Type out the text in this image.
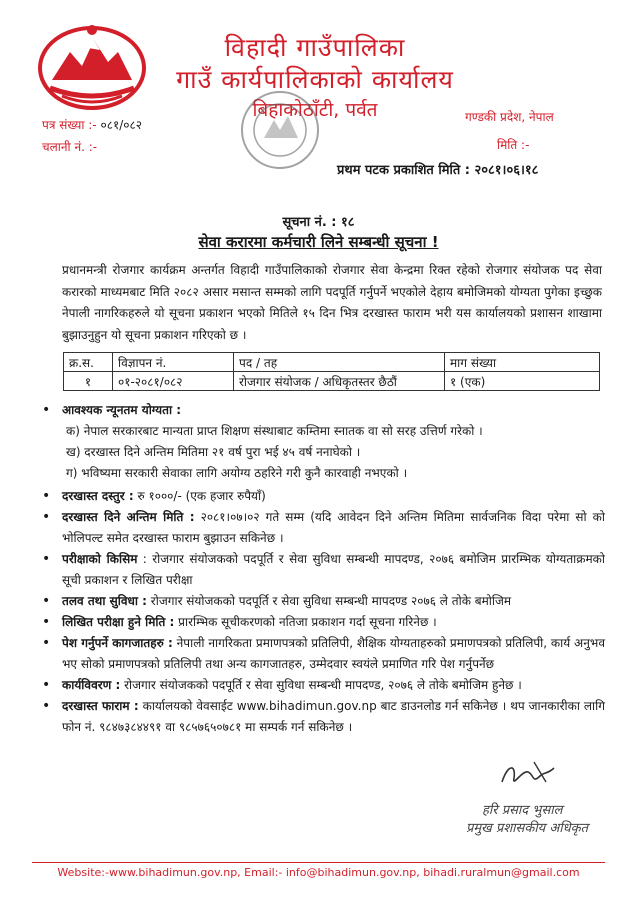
विहादी गाउँपालिका
गाउँ कार्यपालिकाको कार्यालय
बिहाकोठाँटी, पर्वत
पत्र संख्या :- ०८१/०८२
चलानी नं. :-
गण्डकी प्रदेश, नेपाल
मिति :-
प्रथम पटक प्रकाशित मिति : २०८१।०६।१८
सूचना नं. : १८
सेवा करारमा कर्मचारी लिने सम्बन्धी सूचना !
प्रधानमन्त्री रोजगार कार्यक्रम अन्तर्गत विहादी गाउँपालिकाको रोजगार सेवा केन्द्रमा रिक्त रहेको रोजगार संयोजक पद सेवा करारको माध्यमबाट मिति २०८२ असार मसान्त सम्मको लागि पदपूर्ति गर्नुपर्ने भएकोले देहाय बमोजिमको योग्यता पुगेका इच्छुक नेपाली नागरिकहरुले यो सूचना प्रकाशन भएको मितिले १५ दिन भित्र दरखास्त फाराम भरी यस कार्यालयको प्रशासन शाखामा बुझाउनुहुन यो सूचना प्रकाशन गरिएको छ ।
क्र.स.	विज्ञापन नं.	पद / तह	माग संख्या
१	०१-२०८१/०८२	रोजगार संयोजक / अधिकृतस्तर छैठौं	१ (एक)
• आवश्यक न्यूनतम योग्यता :
क) नेपाल सरकारबाट मान्यता प्राप्त शिक्षण संस्थाबाट कम्तिमा स्नातक वा सो सरह उत्तिर्ण गरेको ।
ख) दरखास्त दिने अन्तिम मितिमा २१ वर्ष पुरा भई ४५ वर्ष ननाघेको ।
ग) भविष्यमा सरकारी सेवाका लागि अयोग्य ठहरिने गरी कुनै कारवाही नभएको ।
• दरखास्त दस्तुर : रु १०००/- (एक हजार रुपैयाँ)
• दरखास्त दिने अन्तिम मिति : २०८१।०७।०२ गते सम्म (यदि आवेदन दिने अन्तिम मितिमा सार्वजनिक विदा परेमा सो को भोलिपल्ट समेत दरखास्त फाराम बुझाउन सकिनेछ ।
• परीक्षाको किसिम : रोजगार संयोजकको पदपूर्ति र सेवा सुविधा सम्बन्धी मापदण्ड, २०७६ बमोजिम प्रारम्भिक योग्यताक्रमको सूची प्रकाशन र लिखित परीक्षा
• तलव तथा सुविधा : रोजगार संयोजकको पदपूर्ति र सेवा सुविधा सम्बन्धी मापदण्ड २०७६ ले तोके बमोजिम
• लिखित परीक्षा हुने मिति : प्रारम्भिक सूचीकरणको नतिजा प्रकाशन गर्दा सूचना गरिनेछ ।
• पेश गर्नुपर्ने कागजातहरु : नेपाली नागरिकता प्रमाणपत्रको प्रतिलिपी, शैक्षिक योग्यताहरुको प्रमाणपत्रको प्रतिलिपी, कार्य अनुभव भए सोको प्रमाणपत्रको प्रतिलिपी तथा अन्य कागजातहरु, उम्मेदवार स्वयंले प्रमाणित गरि पेश गर्नुपर्नेछ
• कार्यविवरण : रोजगार संयोजकको पदपूर्ति र सेवा सुविधा सम्बन्धी मापदण्ड, २०७६ ले तोके बमोजिम हुनेछ ।
• दरखास्त फाराम : कार्यालयको वेवसाईट www.bihadimun.gov.np बाट डाउनलोड गर्न सकिनेछ । थप जानकारीका लागि फोन नं. ९८४७३८४४९१ वा ९८५७६५०७८१ मा सम्पर्क गर्न सकिनेछ ।
हरि प्रसाद भुसाल
प्रमुख प्रशासकीय अधिकृत
Website:-www.bihadimun.gov.np, Email:- info@bihadimun.gov.np, bihadi.ruralmun@gmail.com
